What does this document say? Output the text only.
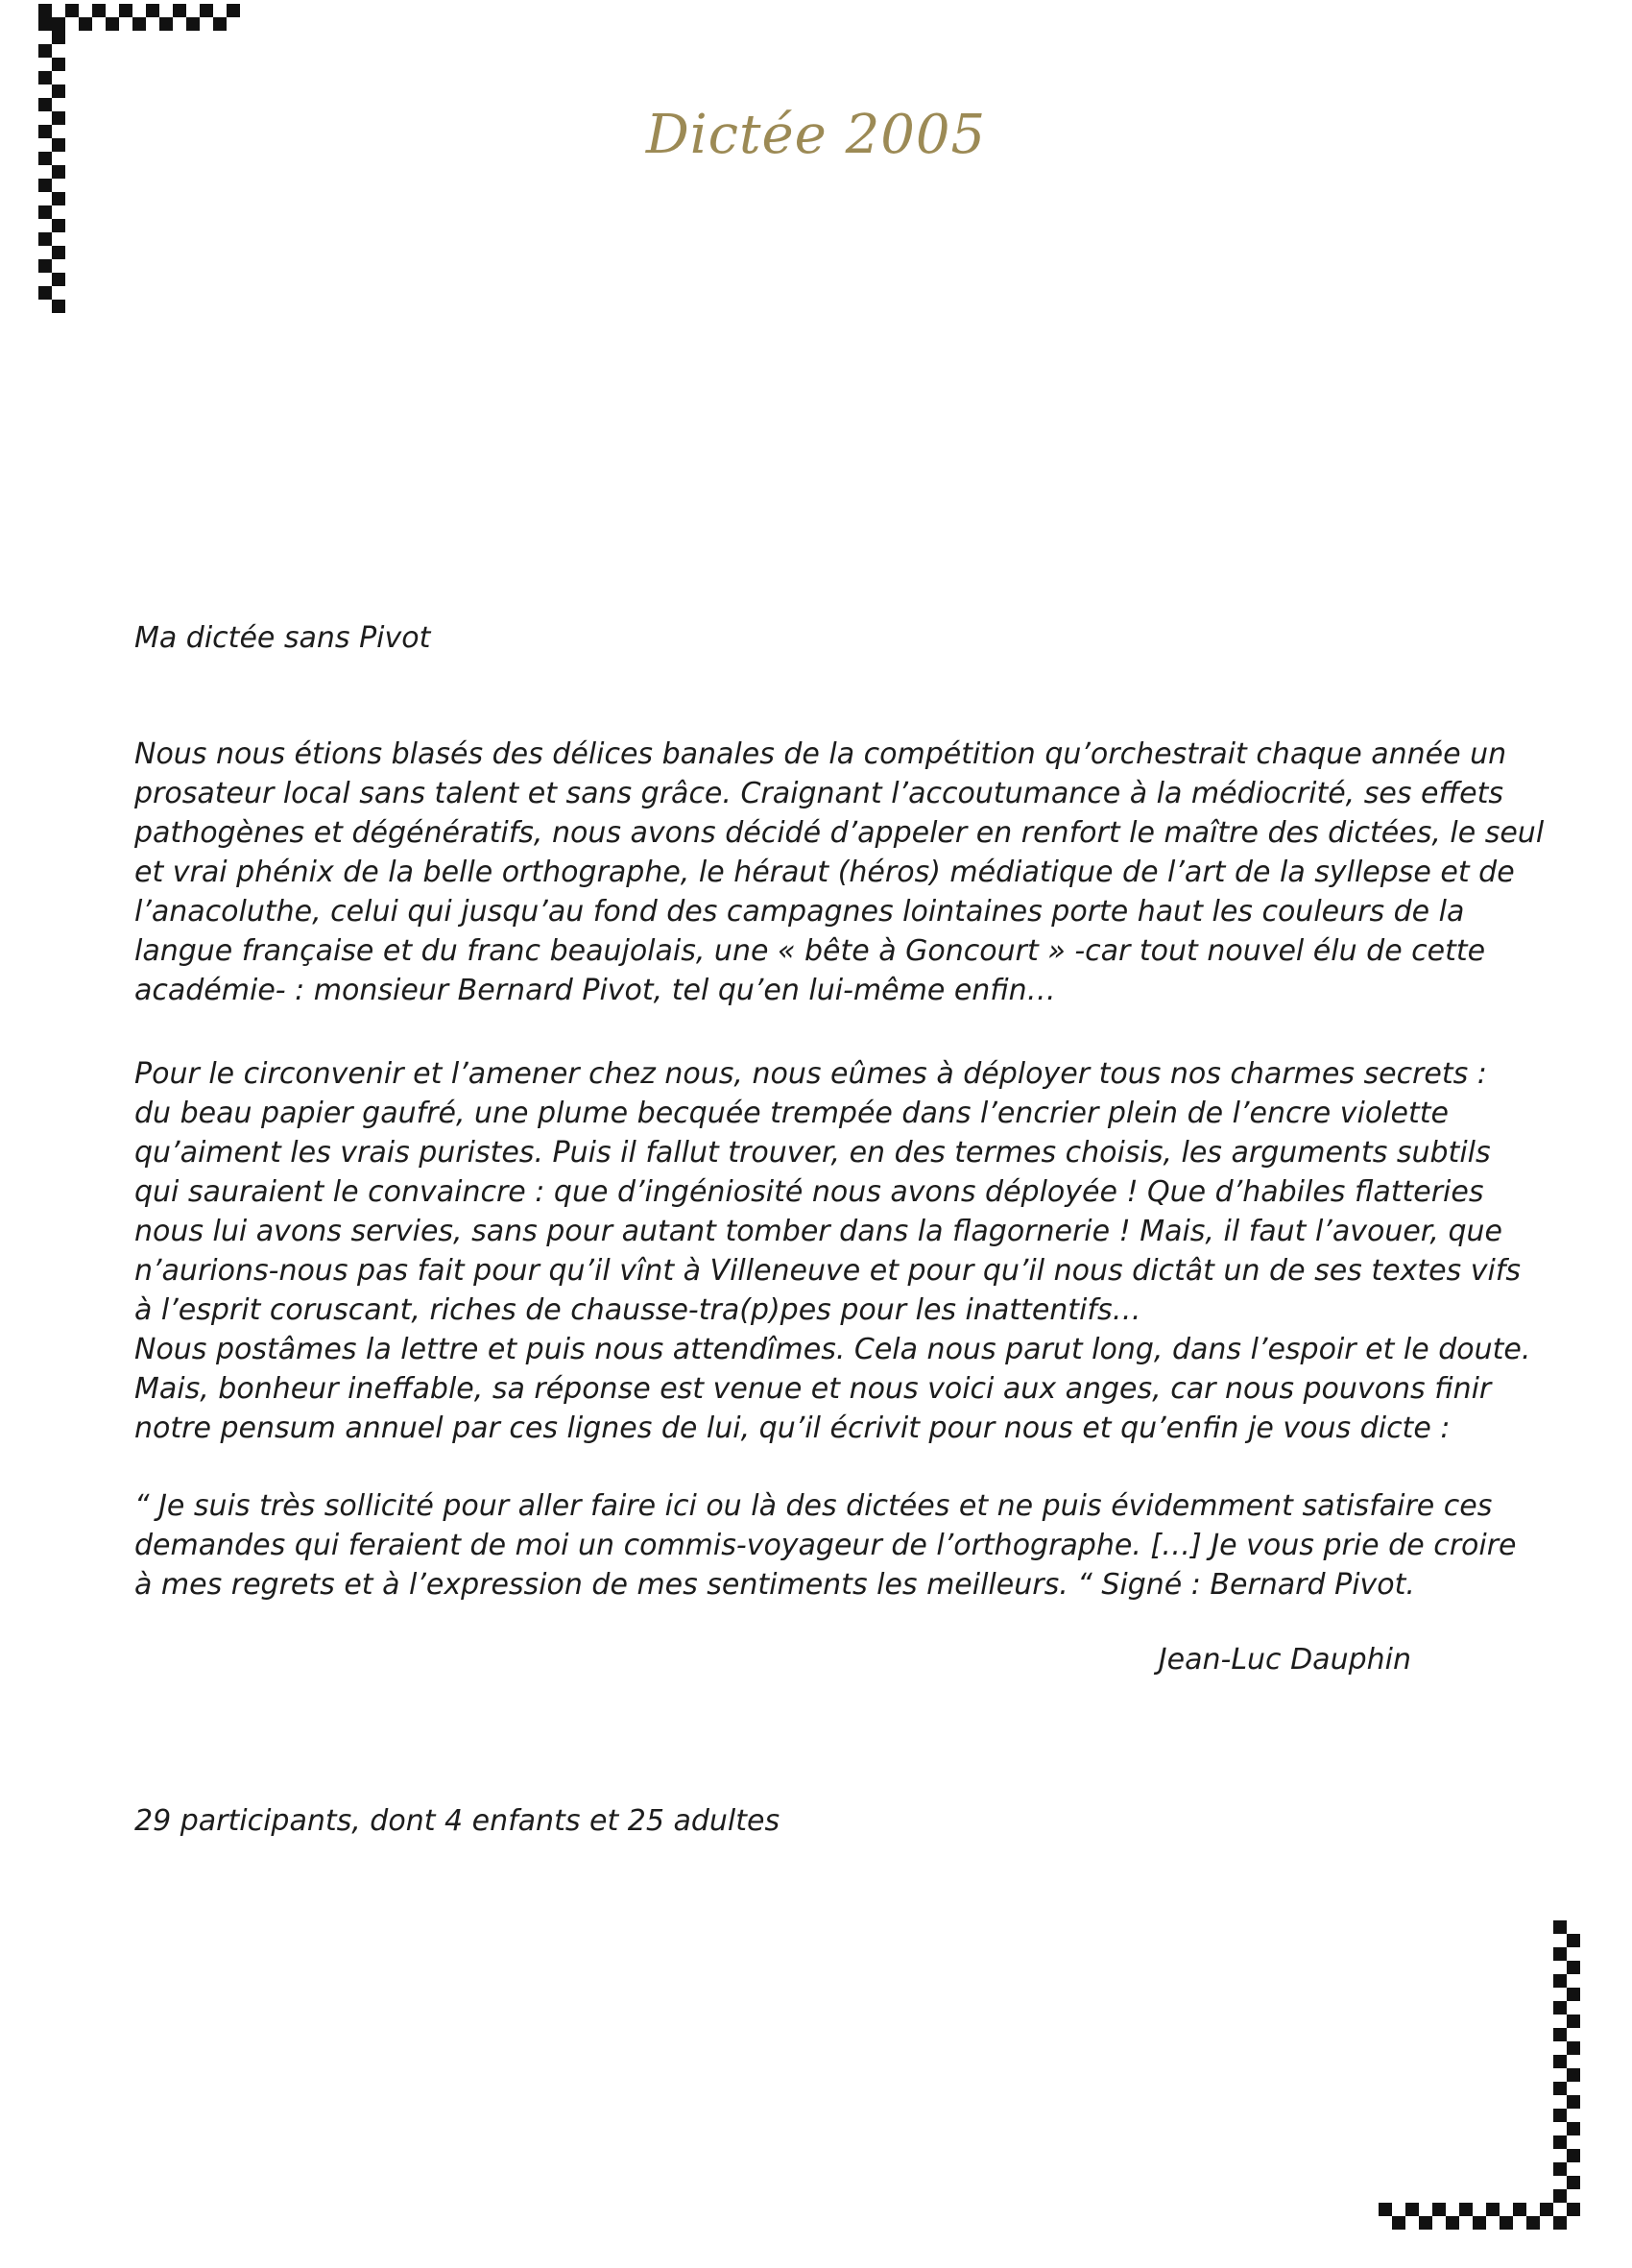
Dictée 2005

Ma dictée sans Pivot

Nous nous étions blasés des délices banales de la compétition qu’orchestrait chaque année un

prosateur local sans talent et sans grâce. Craignant l’accoutumance à la médiocrité, ses effets

pathogènes et dégénératifs, nous avons décidé d’appeler en renfort le maître des dictées, le seul

et vrai phénix de la belle orthographe, le héraut (héros) médiatique de l’art de la syllepse et de

l’anacoluthe, celui qui jusqu’au fond des campagnes lointaines porte haut les couleurs de la

langue française et du franc beaujolais, une « bête à Goncourt » -car tout nouvel élu de cette

académie- : monsieur Bernard Pivot, tel qu’en lui-même enfin…

Pour le circonvenir et l’amener chez nous, nous eûmes à déployer tous nos charmes secrets :

du beau papier gaufré, une plume becquée trempée dans l’encrier plein de l’encre violette

qu’aiment les vrais puristes. Puis il fallut trouver, en des termes choisis, les arguments subtils

qui sauraient le convaincre : que d’ingéniosité nous avons déployée ! Que d’habiles flatteries

nous lui avons servies, sans pour autant tomber dans la flagornerie ! Mais, il faut l’avouer, que

n’aurions-nous pas fait pour qu’il vînt à Villeneuve et pour qu’il nous dictât un de ses textes vifs

à l’esprit coruscant, riches de chausse-tra(p)pes pour les inattentifs…

Nous postâmes la lettre et puis nous attendîmes. Cela nous parut long, dans l’espoir et le doute.

Mais, bonheur ineffable, sa réponse est venue et nous voici aux anges, car nous pouvons finir

notre pensum annuel par ces lignes de lui, qu’il écrivit pour nous et qu’enfin je vous dicte :

“ Je suis très sollicité pour aller faire ici ou là des dictées et ne puis évidemment satisfaire ces

demandes qui feraient de moi un commis-voyageur de l’orthographe. […] Je vous prie de croire

à mes regrets et à l’expression de mes sentiments les meilleurs. “ Signé : Bernard Pivot.

Jean-Luc Dauphin

29 participants, dont 4 enfants et 25 adultes
